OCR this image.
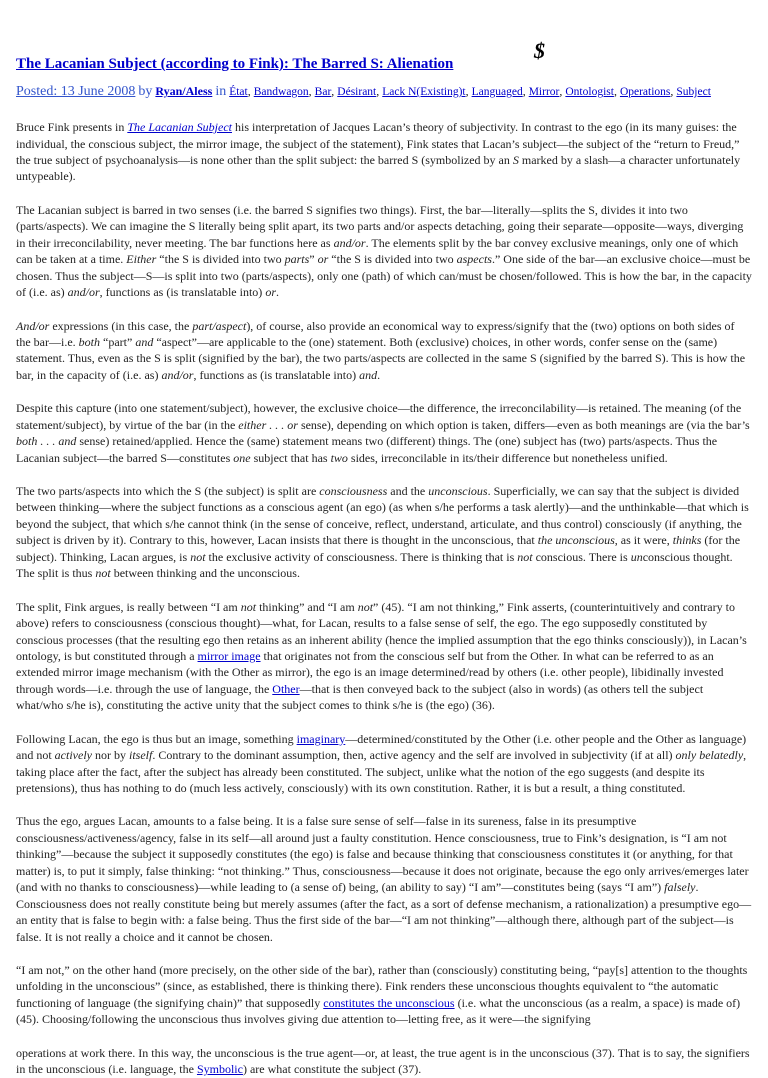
The Lacanian Subject (according to Fink): The Barred S: Alienation
$
Posted: 13 June 2008 by Ryan/Aless in État, Bandwagon, Bar, Désirant, Lack N(Existing)t, Languaged, Mirror, Ontologist, Operations, Subject

Bruce Fink presents in The Lacanian Subject his interpretation of Jacques Lacan’s theory of subjectivity. In contrast to the ego (in its many guises: the individual, the conscious subject, the mirror image, the subject of the statement), Fink states that Lacan’s subject—the subject of the “return to Freud,” the true subject of psychoanalysis—is none other than the split subject: the barred S (symbolized by an S marked by a slash—a character unfortunately untypeable).

The Lacanian subject is barred in two senses (i.e. the barred S signifies two things). First, the bar—literally—splits the S, divides it into two (parts/aspects). We can imagine the S literally being split apart, its two parts and/or aspects detaching, going their separate—opposite—ways, diverging in their irreconcilability, never meeting. The bar functions here as and/or. The elements split by the bar convey exclusive meanings, only one of which can be taken at a time. Either “the S is divided into two parts” or “the S is divided into two aspects.” One side of the bar—an exclusive choice—must be chosen. Thus the subject—S—is split into two (parts/aspects), only one (path) of which can/must be chosen/followed. This is how the bar, in the capacity of (i.e. as) and/or, functions as (is translatable into) or.

And/or expressions (in this case, the part/aspect), of course, also provide an economical way to express/signify that the (two) options on both sides of the bar—i.e. both “part” and “aspect”—are applicable to the (one) statement. Both (exclusive) choices, in other words, confer sense on the (same) statement. Thus, even as the S is split (signified by the bar), the two parts/aspects are collected in the same S (signified by the barred S). This is how the bar, in the capacity of (i.e. as) and/or, functions as (is translatable into) and.

Despite this capture (into one statement/subject), however, the exclusive choice—the difference, the irreconcilability—is retained. The meaning (of the statement/subject), by virtue of the bar (in the either . . . or sense), depending on which option is taken, differs—even as both meanings are (via the bar’s both . . . and sense) retained/applied. Hence the (same) statement means two (different) things. The (one) subject has (two) parts/aspects. Thus the Lacanian subject—the barred S—constitutes one subject that has two sides, irreconcilable in its/their difference but nonetheless unified.

The two parts/aspects into which the S (the subject) is split are consciousness and the unconscious. Superficially, we can say that the subject is divided between thinking—where the subject functions as a conscious agent (an ego) (as when s/he performs a task alertly)—and the unthinkable—that which is beyond the subject, that which s/he cannot think (in the sense of conceive, reflect, understand, articulate, and thus control) consciously (if anything, the subject is driven by it). Contrary to this, however, Lacan insists that there is thought in the unconscious, that the unconscious, as it were, thinks (for the subject). Thinking, Lacan argues, is not the exclusive activity of consciousness. There is thinking that is not conscious. There is unconscious thought. The split is thus not between thinking and the unconscious.

The split, Fink argues, is really between “I am not thinking” and “I am not” (45). “I am not thinking,” Fink asserts, (counterintuitively and contrary to above) refers to consciousness (conscious thought)—what, for Lacan, results to a false sense of self, the ego. The ego supposedly constituted by conscious processes (that the resulting ego then retains as an inherent ability (hence the implied assumption that the ego thinks consciously)), in Lacan’s ontology, is but constituted through a mirror image that originates not from the conscious self but from the Other. In what can be referred to as an extended mirror image mechanism (with the Other as mirror), the ego is an image determined/read by others (i.e. other people), libidinally invested through words—i.e. through the use of language, the Other—that is then conveyed back to the subject (also in words) (as others tell the subject what/who s/he is), constituting the active unity that the subject comes to think s/he is (the ego) (36).

Following Lacan, the ego is thus but an image, something imaginary—determined/constituted by the Other (i.e. other people and the Other as language) and not actively nor by itself. Contrary to the dominant assumption, then, active agency and the self are involved in subjectivity (if at all) only belatedly, taking place after the fact, after the subject has already been constituted. The subject, unlike what the notion of the ego suggests (and despite its pretensions), thus has nothing to do (much less actively, consciously) with its own constitution. Rather, it is but a result, a thing constituted.

Thus the ego, argues Lacan, amounts to a false being. It is a false sure sense of self—false in its sureness, false in its presumptive consciousness/activeness/agency, false in its self—all around just a faulty constitution. Hence consciousness, true to Fink’s designation, is “I am not thinking”—because the subject it supposedly constitutes (the ego) is false and because thinking that consciousness constitutes it (or anything, for that matter) is, to put it simply, false thinking: “not thinking.” Thus, consciousness—because it does not originate, because the ego only arrives/emerges later (and with no thanks to consciousness)—while leading to (a sense of) being, (an ability to say) “I am”—constitutes being (says “I am”) falsely. Consciousness does not really constitute being but merely assumes (after the fact, as a sort of defense mechanism, a rationalization) a presumptive ego—an entity that is false to begin with: a false being. Thus the first side of the bar—“I am not thinking”—although there, although part of the subject—is false. It is not really a choice and it cannot be chosen.

“I am not,” on the other hand (more precisely, on the other side of the bar), rather than (consciously) constituting being, “pay[s] attention to the thoughts unfolding in the unconscious” (since, as established, there is thinking there). Fink renders these unconscious thoughts equivalent to “the automatic functioning of language (the signifying chain)” that supposedly constitutes the unconscious (i.e. what the unconscious (as a realm, a space) is made of) (45). Choosing/following the unconscious thus involves giving due attention to—letting free, as it were—the signifying

operations at work there. In this way, the unconscious is the true agent—or, at least, the true agent is in the unconscious (37). That is to say, the signifiers in the unconscious (i.e. language, the Symbolic) are what constitute the subject (37).
